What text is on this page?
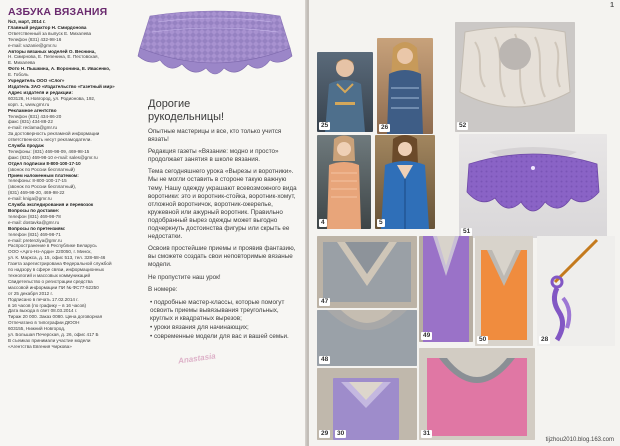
АЗБУКА ВЯЗАНИЯ
№3, март, 2014 г.
Главный редактор Н. Смирдонова
Ответственный за выпуск Е. Михалева
Телефон (831) 432-98-16
e-mail: vazanie@gmr.ru
Авторы вязаных моделей О. Веснина,
Н. Смирнова, Е. Пепенина, Е. Пестовская,
Е. Михалева
Фото Н. Пышкина, А. Воронина, Е. Ивасенко,
Е. Гоболь
Учредитель ООО «Слог»
Издатель ЗАО «Издательство «Газетный мир»
Адрес издателя и редакции:
603126, Н.Новгород, ул. Родионова, 192,
корп. 1, www.gmr.ru
Рекламное агентство
Телефон (831) 434-86-20
факс (831) 434-88-22
e-mail: reclama@gmr.ru
За достоверность рекламной информации
ответственность несут рекламодатели.
Служба продаж
Телефоны: (831) 469-98-09, 469-98-15
факс (831) 469-98-10 e-mail: sales@gmr.ru
Отдел подписки 8-800-100-17-10
(звонок по России бесплатный)
Прием наложенным платежом:
телефоны: 8-800-100-17-15
(звонок по России бесплатный),
(831) 469-98-20, 469-98-22
e-mail: kniga@gmr.ru
Служба экспедирования и перевозок
Вопросы по доставке:
телефон (831) 469-98-78
e-mail: dostavka@gmr.ru
Вопросы по претензиям:
телефон (831) 469-98-71
e-mail: pretenziya@gmr.ru
Распространение в Республике Беларусь
ООО «Арго-Нэ-Арди» 220050, г. Минск,
ул. К. Маркса, д. 15, офис 513, тел. 328-68-46
Газета зарегистрирована Федеральной службой
по надзору в сфере связи, информационных
технологий и массовых коммуникаций
Свидетельство о регистрации средства
массовой информации ПИ № ФС77-52250
от 25 декабря 2012 г.
Подписано в печать 17.02.2014 г.
в 16 часов (по графику – в 16 часов)
Дата выхода в свет 08.03.2014 г.
Тираж 20 000. Заказ 0080. Цена договорная
Отпечатано в типографии ДЮОН
603155, Нижний Новгород,
ул. Большая Печерская, д. 26, офис 417 Б
В съемках принимали участие модели
«Агентства Евгения Чиркова»
Дорогие
рукодельницы!

Опытные мастерицы и все, кто только учится вязать!

Редакция газеты «Вязание: модно и просто» продолжает занятия в школе вязания.

Тема сегодняшнего урока «Вырезы и воротники». Мы не могли оставить в стороне такую важную тему. Нашу одежду украшают всевозможного вида воротники: это и воротник-стойка, воротник-хомут, отложной воротничок, воротник-ожерелье, кружевной или ажурный воротник. Правильно подобранный вырез одежды может выгодно подчеркнуть достоинства фигуры или скрыть ее недостатки.

Освоив простейшие приемы и проявив фантазию, вы сможете создать свои неповторимые вязаные модели.

Не пропустите наш урок!

В номере:

• подробные мастер-классы, которые помогут освоить приемы вывязывания треугольных, круглых и квадратных вырезов;
• уроки вязания для начинающих;
• современные модели для вас и вашей семьи.
1
25	26	52
51
4	5
47
48
49
50	28
29	30	31
tijzhou2010.blog.163.com
Anastasia
